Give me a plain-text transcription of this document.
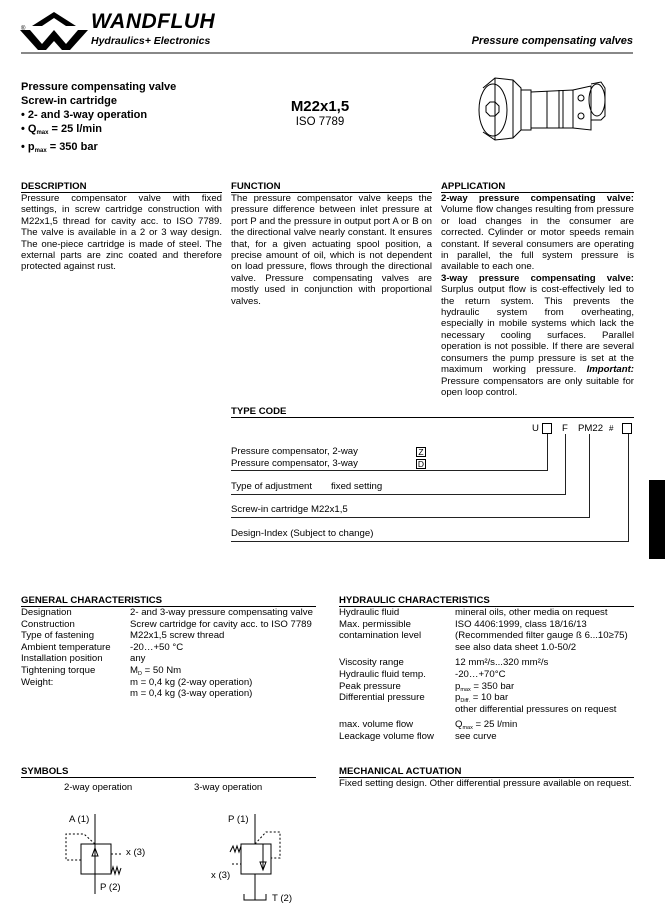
®	WANDFLUH
Hydraulics+ Electronics	Pressure compensating valves
Pressure compensating valve
Screw-in cartridge
• 2- and 3-way operation
• $Q_{max} = 25$ l/min
• $p_{max} = 350$ bar
M22x1,5
ISO 7789
DESCRIPTION
Pressure compensator valve with fixed settings, in screw cartridge construction with M22x1,5 thread for cavity acc. to ISO 7789. The valve is available in a 2 or 3 way design. The one-piece cartridge is made of steel. The external parts are zinc coated and therefore protected against rust.
FUNCTION
The pressure compensator valve keeps the pressure difference between inlet pressure at port P and the pressure in output port A or B on the directional valve nearly constant. It ensures that, for a given actuating spool position, a precise amount of oil, which is not dependent on load pressure, flows through the directional valve. Pressure compensating valves are mostly used in conjunction with proportional valves.
APPLICATION
2-way pressure compensating valve: Volume flow changes resulting from pressure or load changes in the consumer are corrected. Cylinder or motor speeds remain constant. If several consumers are operating in parallel, the full system pressure is available to each one.
3-way pressure compensating valve: Surplus output flow is cost-effectively led to the return system. This prevents the hydraulic system from overheating, especially in mobile systems which lack the necessary cooling surfaces. Parallel operation is not possible. If there are several consumers the pump pressure is set at the maximum working pressure. Important: Pressure compensators are only suitable for open loop control.
TYPE CODE
U F PM22 #
Pressure compensator, 2-way	Z
Pressure compensator, 3-way	D
Type of adjustment fixed setting
Screw-in cartridge M22x1,5
Design-Index (Subject to change)
GENERAL CHARACTERISTICS
Designation	2- and 3-way pressure compensating valve
Construction	Screw cartridge for cavity acc. to ISO 7789
Type of fastening	M22x1,5 screw thread
Ambient temperature -20…+50 °C
Installation position	any
Tightening torque	$M_D = 50$ Nm
Weight:	m = 0,4 kg (2-way operation)
m = 0,4 kg (3-way operation)
HYDRAULIC CHARACTERISTICS
Hydraulic fluid	mineral oils, other media on request
Max. permissible	ISO 4406:1999, class 18/16/13
contamination level	(Recommended filter gauge ß 6...10≥75)
see also data sheet 1.0-50/2
Viscosity range	12 mm²/s...320 mm²/s
Hydraulic fluid temp.	-20…+70°C
Peak pressure	$p_{max} = 350$ bar
Differential pressure	$p_{Diff.} = 10$ bar
other differential pressures on request
max. volume flow	$Q_{max} = 25$ l/min
Leackage volume flow see curve
SYMBOLS
2-way operation	3-way operation
A (1)
x (3)
P (2)
P (1)
x (3)
T (2)
MECHANICAL ACTUATION
Fixed setting design. Other differential pressure available on request.
